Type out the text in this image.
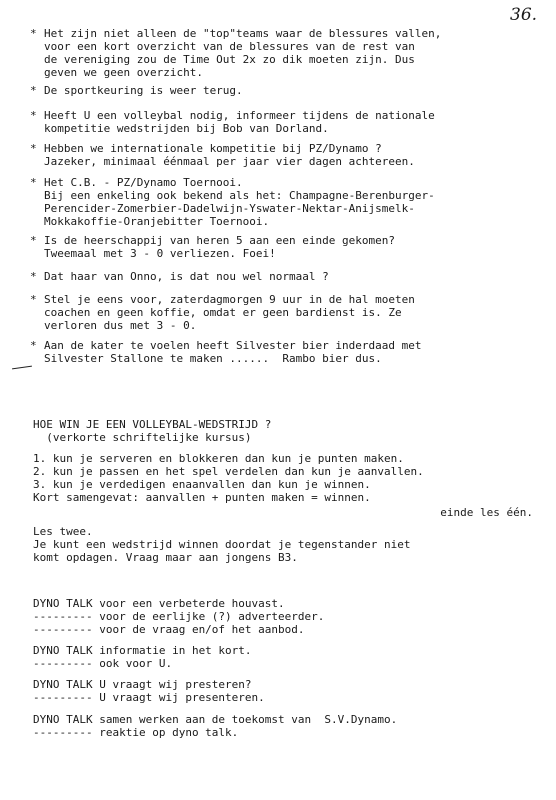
36.
* Het zijn niet alleen de "top"teams waar de blessures vallen,
voor een kort overzicht van de blessures van de rest van
de vereniging zou de Time Out 2x zo dik moeten zijn. Dus
geven we geen overzicht.
* De sportkeuring is weer terug.
* Heeft U een volleybal nodig, informeer tijdens de nationale
kompetitie wedstrijden bij Bob van Dorland.
* Hebben we internationale kompetitie bij PZ/Dynamo ?
Jazeker, minimaal éénmaal per jaar vier dagen achtereen.
* Het C.B. - PZ/Dynamo Toernooi.
Bij een enkeling ook bekend als het: Champagne-Berenburger-
Perencider-Zomerbier-Dadelwijn-Yswater-Nektar-Anijsmelk-
Mokkakoffie-Oranjebitter Toernooi.
* Is de heerschappij van heren 5 aan een einde gekomen?
Tweemaal met 3 - 0 verliezen. Foei!
* Dat haar van Onno, is dat nou wel normaal ?
* Stel je eens voor, zaterdagmorgen 9 uur in de hal moeten
coachen en geen koffie, omdat er geen bardienst is. Ze
verloren dus met 3 - 0.
* Aan de kater te voelen heeft Silvester bier inderdaad met
Silvester Stallone te maken ......  Rambo bier dus.
HOE WIN JE EEN VOLLEYBAL-WEDSTRIJD ?
(verkorte schriftelijke kursus)
1. kun je serveren en blokkeren dan kun je punten maken.
2. kun je passen en het spel verdelen dan kun je aanvallen.
3. kun je verdedigen enaanvallen dan kun je winnen.
Kort samengevat: aanvallen + punten maken = winnen.
einde les één.
Les twee.
Je kunt een wedstrijd winnen doordat je tegenstander niet
komt opdagen. Vraag maar aan jongens B3.
DYNO TALK voor een verbeterde houvast.
--------- voor de eerlijke (?) adverteerder.
--------- voor de vraag en/of het aanbod.
DYNO TALK informatie in het kort.
--------- ook voor U.
DYNO TALK U vraagt wij presteren?
--------- U vraagt wij presenteren.
DYNO TALK samen werken aan de toekomst van  S.V.Dynamo.
--------- reaktie op dyno talk.
